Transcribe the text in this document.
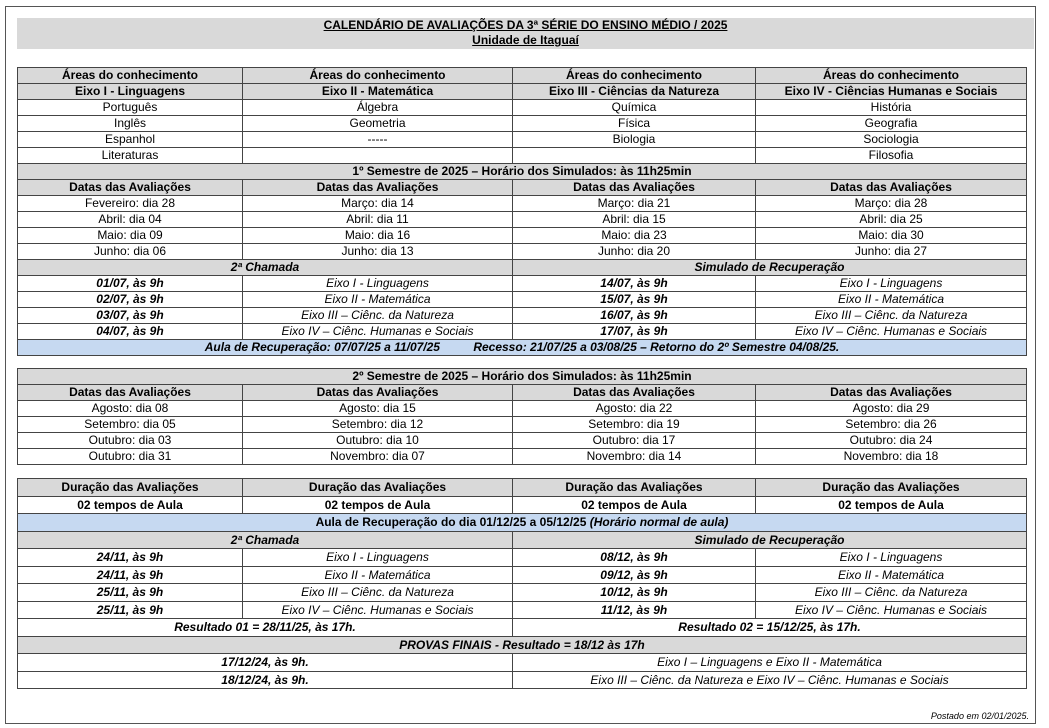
CALENDÁRIO DE AVALIAÇÕES DA 3ª SÉRIE DO ENSINO MÉDIO / 2025
Unidade de Itaguaí
Áreas do conhecimento	Áreas do conhecimento	Áreas do conhecimento	Áreas do conhecimento
Eixo I - Linguagens	Eixo II - Matemática	Eixo III - Ciências da Natureza	Eixo IV - Ciências Humanas e Sociais
Português	Álgebra	Química	História
Inglês	Geometria	Física	Geografia
Espanhol	-----	Biologia	Sociologia
Literaturas			Filosofia
1º Semestre de 2025 – Horário dos Simulados: às 11h25min			
Datas das Avaliações	Datas das Avaliações	Datas das Avaliações	Datas das Avaliações
Fevereiro: dia 28	Março: dia 14	Março: dia 21	Março: dia 28
Abril: dia 04	Abril: dia 11	Abril: dia 15	Abril: dia 25
Maio: dia 09	Maio: dia 16	Maio: dia 23	Maio: dia 30
Junho: dia 06	Junho: dia 13	Junho: dia 20	Junho: dia 27
2ª Chamada		Simulado de Recuperação	
01/07, às 9h	Eixo I - Linguagens	14/07, às 9h	Eixo I - Linguagens
02/07, às 9h	Eixo II - Matemática	15/07, às 9h	Eixo II - Matemática
03/07, às 9h	Eixo III – Ciênc. da Natureza	16/07, às 9h	Eixo III – Ciênc. da Natureza
04/07, às 9h	Eixo IV – Ciênc. Humanas e Sociais	17/07, às 9h	Eixo IV – Ciênc. Humanas e Sociais
Aula de Recuperação: 07/07/25 a 11/07/25          Recesso: 21/07/25 a 03/08/25 – Retorno do 2º Semestre 04/08/25.			
2º Semestre de 2025 – Horário dos Simulados: às 11h25min			
Datas das Avaliações	Datas das Avaliações	Datas das Avaliações	Datas das Avaliações
Agosto: dia 08	Agosto: dia 15	Agosto: dia 22	Agosto: dia 29
Setembro: dia 05	Setembro: dia 12	Setembro: dia 19	Setembro: dia 26
Outubro: dia 03	Outubro: dia 10	Outubro: dia 17	Outubro: dia 24
Outubro: dia 31	Novembro: dia 07	Novembro: dia 14	Novembro: dia 18
Duração das Avaliações	Duração das Avaliações	Duração das Avaliações	Duração das Avaliações
02 tempos de Aula	02 tempos de Aula	02 tempos de Aula	02 tempos de Aula
Aula de Recuperação do dia 01/12/25 a 05/12/25 (Horário normal de aula)			
2ª Chamada		Simulado de Recuperação	
24/11, às 9h	Eixo I - Linguagens	08/12, às 9h	Eixo I - Linguagens
24/11, às 9h	Eixo II - Matemática	09/12, às 9h	Eixo II - Matemática
25/11, às 9h	Eixo III – Ciênc. da Natureza	10/12, às 9h	Eixo III – Ciênc. da Natureza
25/11, às 9h	Eixo IV – Ciênc. Humanas e Sociais	11/12, às 9h	Eixo IV – Ciênc. Humanas e Sociais
Resultado 01 = 28/11/25, às 17h.		Resultado 02 = 15/12/25, às 17h.	
PROVAS FINAIS - Resultado = 18/12 às 17h			
17/12/24, às 9h.		Eixo I – Linguagens e Eixo II - Matemática	
18/12/24, às 9h.		Eixo III – Ciênc. da Natureza e Eixo IV – Ciênc. Humanas e Sociais	
Postado em 02/01/2025.
